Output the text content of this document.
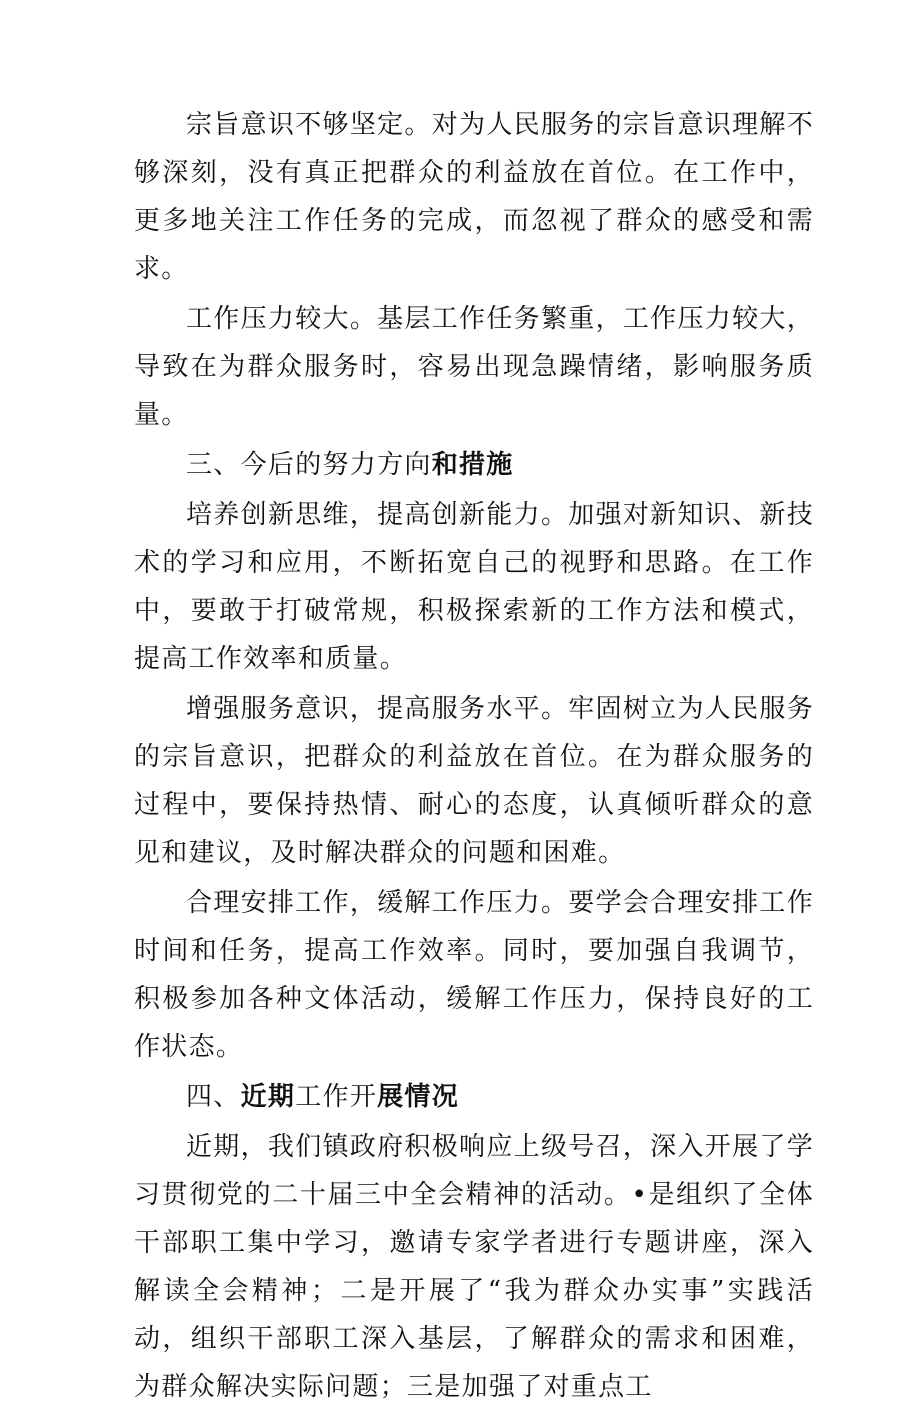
宗旨意识不够坚定。对为人民服务的宗旨意识理解不够深刻，没有真正把群众的利益放在首位。在工作中，更多地关注工作任务的完成，而忽视了群众的感受和需求。

工作压力较大。基层工作任务繁重，工作压力较大，导致在为群众服务时，容易出现急躁情绪，影响服务质量。

三、今后的努力方向和措施

培养创新思维，提高创新能力。加强对新知识、新技术的学习和应用，不断拓宽自己的视野和思路。在工作中，要敢于打破常规，积极探索新的工作方法和模式，提高工作效率和质量。

增强服务意识，提高服务水平。牢固树立为人民服务的宗旨意识，把群众的利益放在首位。在为群众服务的过程中，要保持热情、耐心的态度，认真倾听群众的意见和建议，及时解决群众的问题和困难。

合理安排工作，缓解工作压力。要学会合理安排工作时间和任务，提高工作效率。同时，要加强自我调节，积极参加各种文体活动，缓解工作压力，保持良好的工作状态。

四、近期工作开展情况

近期，我们镇政府积极响应上级号召，深入开展了学习贯彻党的二十届三中全会精神的活动。•是组织了全体干部职工集中学习，邀请专家学者进行专题讲座，深入解读全会精神；二是开展了“我为群众办实事”实践活动，组织干部职工深入基层，了解群众的需求和困难，为群众解决实际问题；三是加强了对重点工
